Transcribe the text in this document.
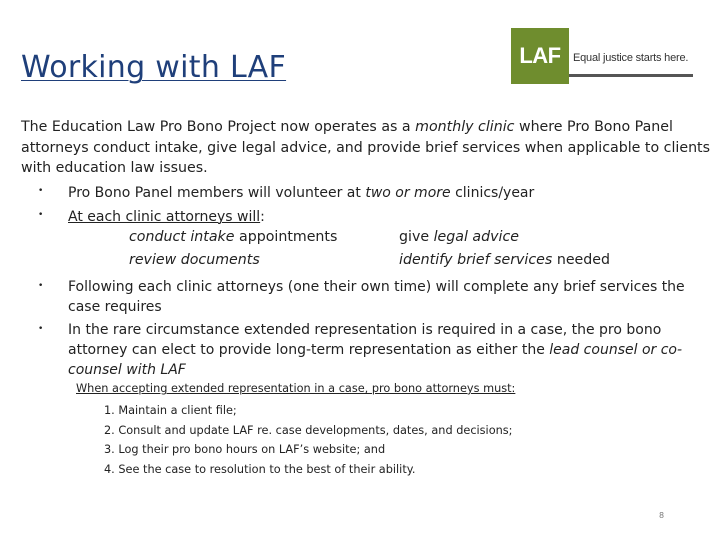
Working with LAF	LAF	Equal justice starts here.
The Education Law Pro Bono Project now operates as a monthly clinic where Pro Bono Panel attorneys conduct intake, give legal advice, and provide brief services when applicable to clients with education law issues.
• Pro Bono Panel members will volunteer at two or more clinics/year
• At each clinic attorneys will:
conduct intake appointments
review documents
give legal advice
identify brief services needed
• Following each clinic attorneys (one their own time) will complete any brief services the case requires
• In the rare circumstance extended representation is required in a case, the pro bono attorney can elect to provide long-term representation as either the lead counsel or co-counsel with LAF
When accepting extended representation in a case, pro bono attorneys must:
1. Maintain a client file;
2. Consult and update LAF re. case developments, dates, and decisions;
3. Log their pro bono hours on LAF’s website; and
4. See the case to resolution to the best of their ability.
8
